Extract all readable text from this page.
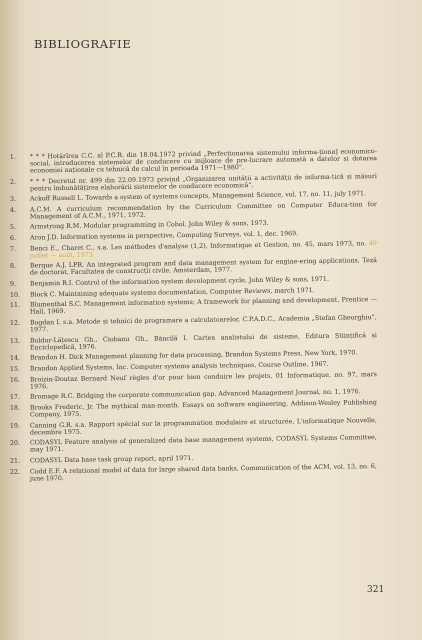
BIBLIOGRAFIE
1. * * * Hotărîrea C.C. al P.C.R. din 18.04.1972 privind „Perfecționarea sistemului informa-ționa] economico-social, introducerea sistemelor de conducere cu mijloace de pre-lucrare automată a datelor și dotarea economiei naționale cu tehnică de calcul în perioada 1971—1980”.
2. * * * Decretul nr. 499 din 22.09.1973 privind „Organizarea unității a activității de informa-tică și măsuri pentru îmbunătățirea elaborării sistemelor de conducere economică”.
3. Ackoff Russell L. Towards a system of systems concepts, Management Science, vol. 17, no. 11, july 1971.
4. A.C.M. A curriculum recommendation by the Curriculum Committee on Computer Educa-tion for Management of A.C.M., 1971, 1972.
5. Armstrong R.M. Modular programming in Cobol. John Wiley & sons, 1973.
6. Aron J.D. Information systems in perspective, Computing Surveys, vol. 1, dec. 1969.
7. Benci E., Charet C., s.a. Les méthodes d'analyse (1,2), Informatique et Gestion, no. 45, mars 1973, no. 49 juillet — août, 1973.
8. Berque A.J. LPR. An integrated program and data management system for engine-ering applications, Teză de doctorat, Facultatea de construcții civile, Amsterdam, 1977.
9. Benjamin R.I. Control of the information system development cycle, John Wiley & sons, 1971.
10. Block C. Maintaining adequate systems documentation, Computer Reviews, march 1971.
11. Blumenthal S.C. Management information systems; A framework for planning and development, Prentice — Hall, 1969.
12. Bogdan I. s.a. Metode și tehnici de programare a calculatoarelor, C.P.A.D.C., Academia „Ștefan Gheorghiu”, 1977.
13. Boldur-Lățescu Gh., Ciobanu Gh., Băncilă I. Cartea analistului de sisteme, Editura Științifică și Enciclopedică, 1976.
14. Brandon H. Dick Management planning for data processing, Brandon Systems Press, New York, 1970.
15. Brandon Applied Systems, Inc. Computer systems analysis techniques, Course Outline, 1967.
16. Broizin-Doutaz Bernard Neuf règles d'or pour bien conduire les projets, 01 Informatique, no. 97, mars 1976.
17. Bromage R.C. Bridging the corporate communication gap, Advanced Management Journal, no. 1, 1976.
18. Brooks Frederic, Jr. The mythical man-month. Essays on software engineering, Addison-Wesley Publishing Company, 1975.
19. Canning G.R. s.a. Rapport spécial sur la programmation modulaire et structurée, L'informatique Nouvelle, decembre 1975.
20. CODASYL Feature analysis of generalized data base management systems, CODASYL Systems Committee, may 1971.
21. CODASYL Data base task group report, april 1971.
22. Codd E.F. A relational model of data for large shared data banks, Communication of the ACM, vol. 13, no. 6, june 1970.
321
